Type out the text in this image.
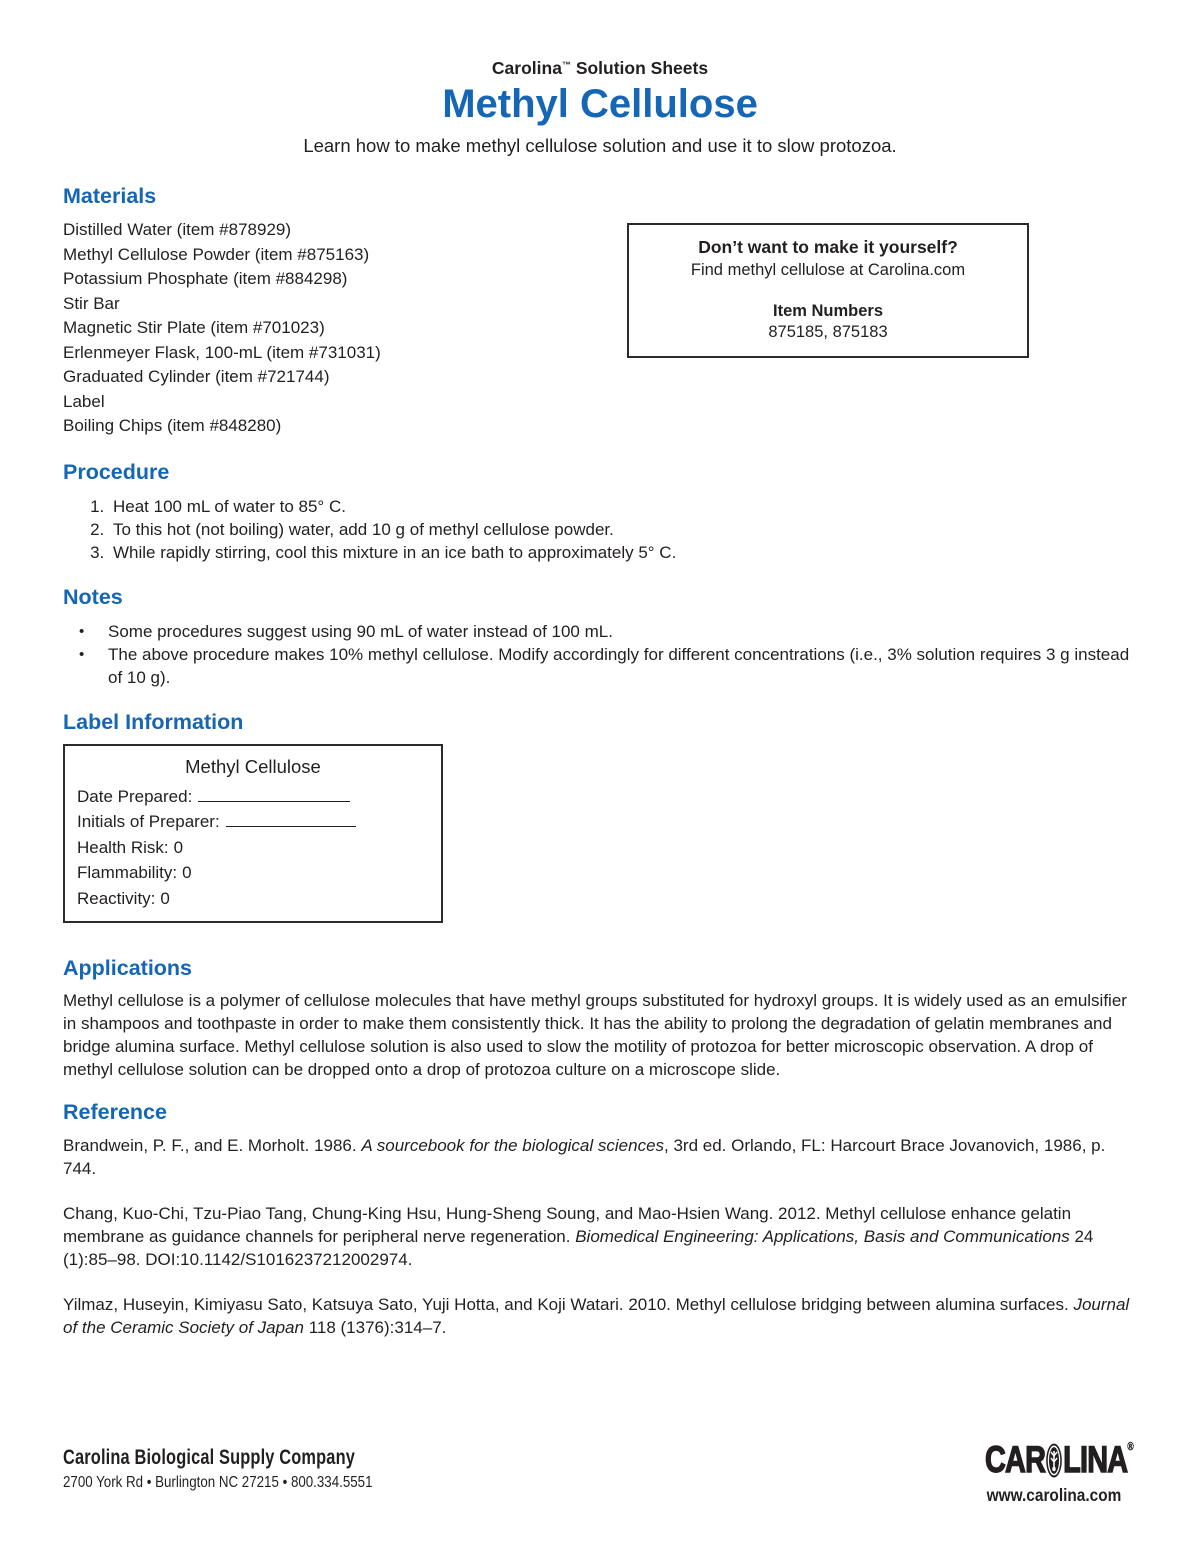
Carolina™ Solution Sheets
Methyl Cellulose
Learn how to make methyl cellulose solution and use it to slow protozoa.
Materials
Distilled Water (item #878929)
Methyl Cellulose Powder (item #875163)
Potassium Phosphate (item #884298)
Stir Bar
Magnetic Stir Plate (item #701023)
Erlenmeyer Flask, 100-mL (item #731031)
Graduated Cylinder (item #721744)
Label
Boiling Chips (item #848280)
Procedure
1. Heat 100 mL of water to 85° C.
2. To this hot (not boiling) water, add 10 g of methyl cellulose powder.
3. While rapidly stirring, cool this mixture in an ice bath to approximately 5° C.
Notes
• Some procedures suggest using 90 mL of water instead of 100 mL.
• The above procedure makes 10% methyl cellulose. Modify accordingly for different concentrations (i.e., 3% solution requires 3 g instead of 10 g).
Label Information
Methyl Cellulose
Date Prepared:
Initials of Preparer:
Health Risk: 0
Flammability: 0
Reactivity: 0
Applications

Methyl cellulose is a polymer of cellulose molecules that have methyl groups substituted for hydroxyl groups. It is widely used as an emulsifier in shampoos and toothpaste in order to make them consistently thick. It has the ability to prolong the degradation of gelatin membranes and bridge alumina surface. Methyl cellulose solution is also used to slow the motility of protozoa for better microscopic observation. A drop of methyl cellulose solution can be dropped onto a drop of protozoa culture on a microscope slide.

Reference

Brandwein, P. F., and E. Morholt. 1986. A sourcebook for the biological sciences, 3rd ed. Orlando, FL: Harcourt Brace Jovanovich, 1986, p. 744.

Chang, Kuo-Chi, Tzu-Piao Tang, Chung-King Hsu, Hung-Sheng Soung, and Mao-Hsien Wang. 2012. Methyl cellulose enhance gelatin membrane as guidance channels for peripheral nerve regeneration. Biomedical Engineering: Applications, Basis and Communications 24 (1):85–98. DOI:10.1142/S1016237212002974.

Yilmaz, Huseyin, Kimiyasu Sato, Katsuya Sato, Yuji Hotta, and Koji Watari. 2010. Methyl cellulose bridging between alumina surfaces. Journal of the Ceramic Society of Japan 118 (1376):314–7.

Don’t want to make it yourself?
Find methyl cellulose at Carolina.com
Item Numbers
875185, 875183
Carolina Biological Supply Company
2700 York Rd • Burlington NC 27215 • 800.334.5551
CAR LINA®
www.carolina.com
